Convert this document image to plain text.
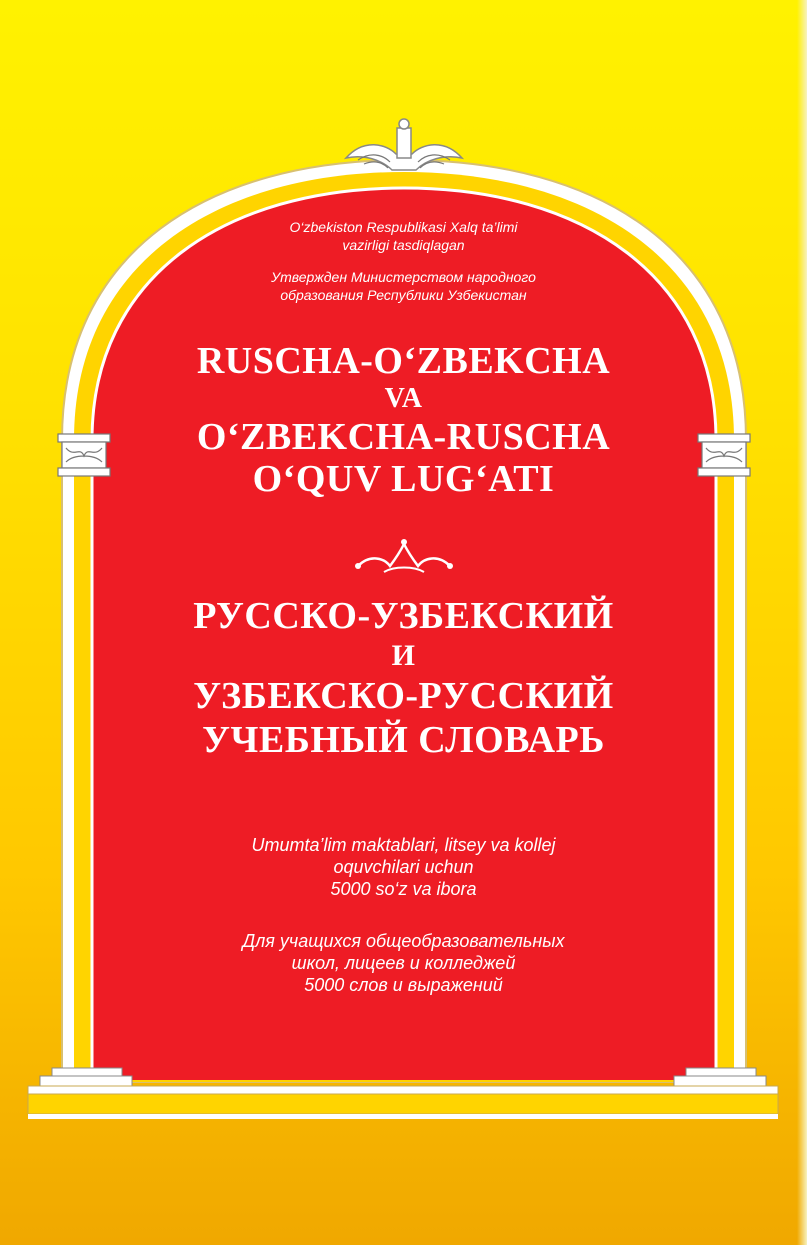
O‘zbekiston Respublikasi Xalq ta’limi
vazirligi tasdiqlagan
Утвержден Министерством народного
образования Республики Узбекистан
RUSCHA-O‘ZBEKCHA
VA
O‘ZBEKCHA-RUSCHA
O‘QUV LUG‘ATI
РУССКО-УЗБЕКСКИЙ
И
УЗБЕКСКО-РУССКИЙ
УЧЕБНЫЙ СЛОВАРЬ
Umumta’lim maktablari, litsey va kollej
oquvchilari uchun
5000 so‘z va ibora
Для учащихся общеобразовательных
школ, лицеев и колледжей
5000 слов и выражений
